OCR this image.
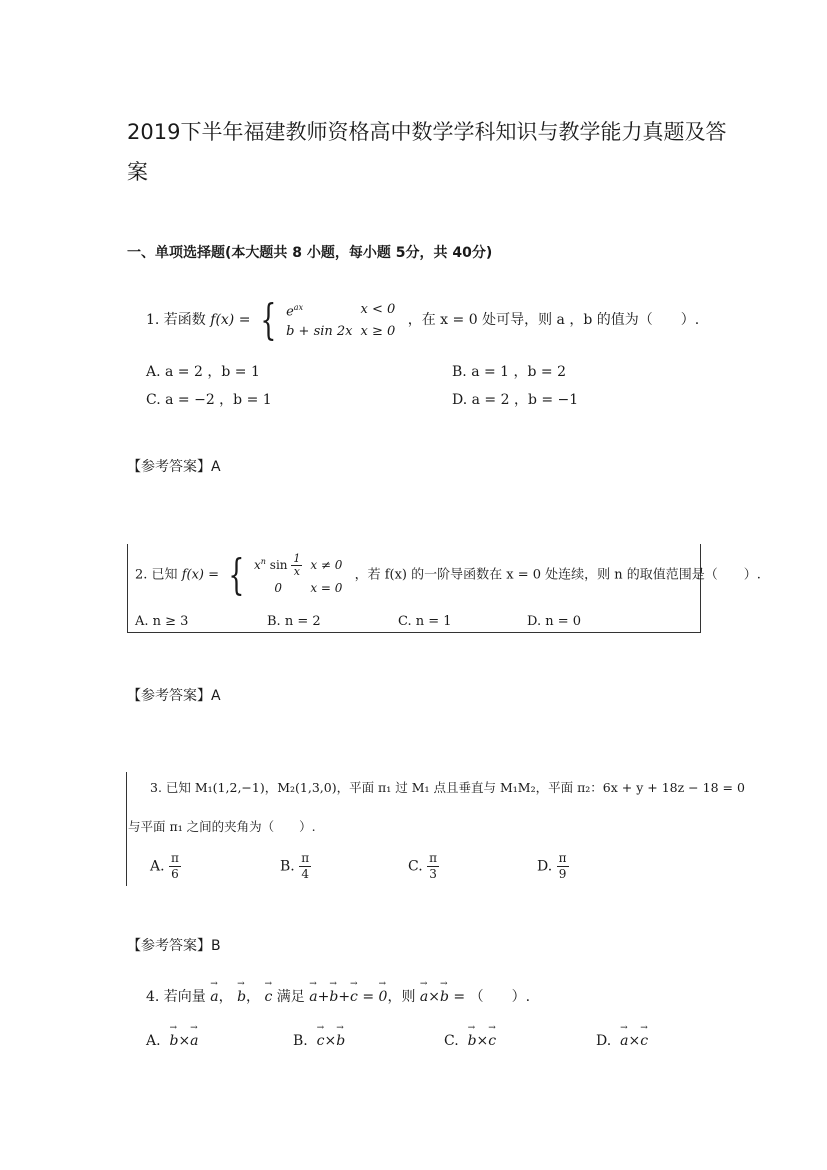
2019下半年福建教师资格高中数学学科知识与教学能力真题及答案
一、单项选择题(本大题共 8 小题，每小题 5分，共 40分)
1. 若函数 f(x) = { $e^{ax}$	x < 0
b + sin 2x	x ≥ 0 ，在 x = 0 处可导，则 a ，b 的值为（　　）.
A. a = 2 ，b = 1	B. a = 1 ，b = 2
C. a = −2 ，b = 1	D. a = 2 ，b = −1
【参考答案】A
2. 已知 f(x) = { $x^n$ $\sin \frac{1}{x}$	x ≠ 0
0	x = 0 ，若 f(x) 的一阶导函数在 x = 0 处连续，则 n 的取值范围是（　　）.
A. n ≥ 3	B. n = 2	C. n = 1	D. n = 0
【参考答案】A
3. 已知 M₁(1,2,−1)，M₂(1,3,0)，平面 π₁ 过 M₁ 点且垂直与 M₁M₂，平面 π₂：6x + y + 18z − 18 = 0
与平面 π₁ 之间的夹角为（　　）.
A. $\frac{\pi}{6}$	B. $\frac{\pi}{4}$	C. $\frac{\pi}{3}$	D. $\frac{\pi}{9}$
【参考答案】B
4. 若向量 → a， → b， → c 满足 → a+→ b+→ c = → 0，则 → a×→ b = （　　）.
A. → b×→ a	B. → c×→ b	C. → b×→ c	D. → a×→ c
